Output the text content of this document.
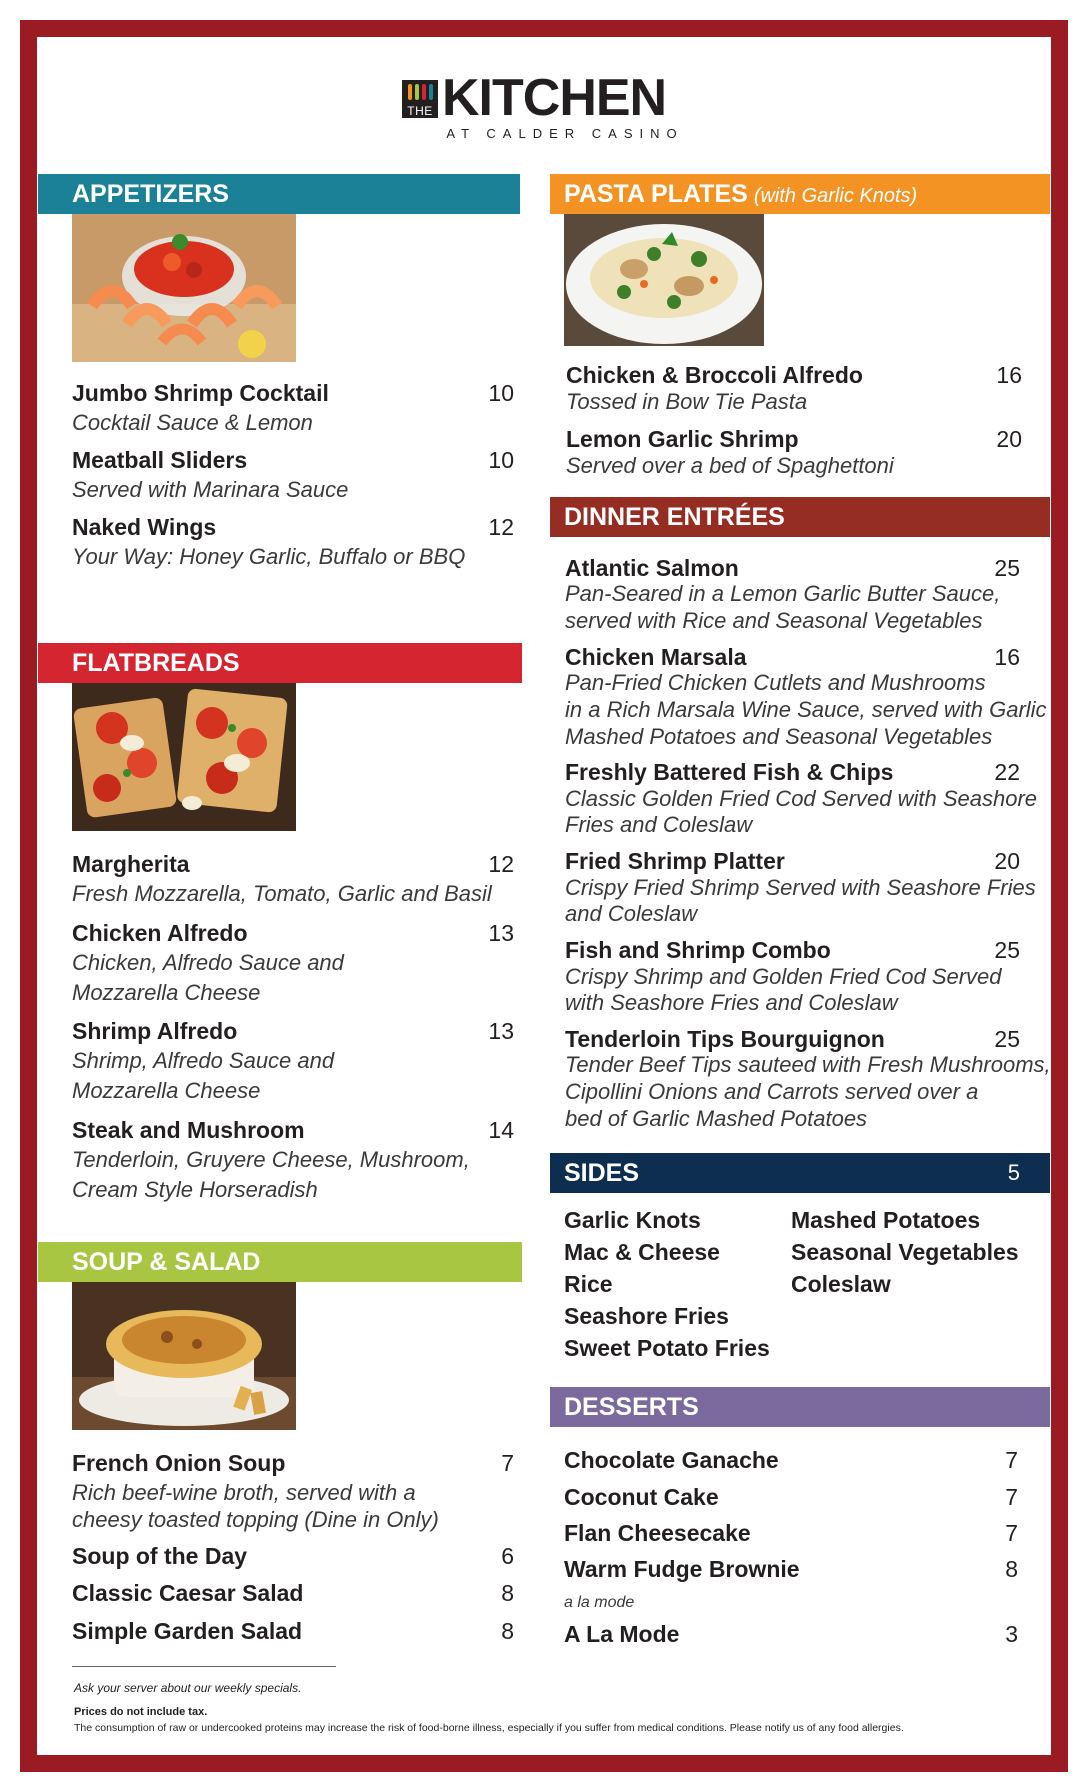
THE KITCHEN
AT CALDER CASINO
APPETIZERS
Jumbo Shrimp Cocktail
Cocktail Sauce & Lemon
10
Meatball Sliders
Served with Marinara Sauce
10
Naked Wings
Your Way: Honey Garlic, Buffalo or BBQ
12
FLATBREADS
Margherita
Fresh Mozzarella, Tomato, Garlic and Basil
12
Chicken Alfredo
Chicken, Alfredo Sauce and
Mozzarella Cheese
13
Shrimp Alfredo
Shrimp, Alfredo Sauce and
Mozzarella Cheese
13
Steak and Mushroom
Tenderloin, Gruyere Cheese, Mushroom,
Cream Style Horseradish
14
SOUP & SALAD
French Onion Soup
Rich beef-wine broth, served with a
cheesy toasted topping (Dine in Only)
7
Soup of the Day	6
Classic Caesar Salad	8
Simple Garden Salad	8
PASTA PLATES (with Garlic Knots)
Chicken & Broccoli Alfredo
Tossed in Bow Tie Pasta
16
Lemon Garlic Shrimp
Served over a bed of Spaghettoni
20
DINNER ENTRÉES
Atlantic Salmon
Pan-Seared in a Lemon Garlic Butter Sauce,
served with Rice and Seasonal Vegetables
25
Chicken Marsala
Pan-Fried Chicken Cutlets and Mushrooms
in a Rich Marsala Wine Sauce, served with Garlic
Mashed Potatoes and Seasonal Vegetables
16
Freshly Battered Fish & Chips
Classic Golden Fried Cod Served with Seashore
Fries and Coleslaw
22
Fried Shrimp Platter
Crispy Fried Shrimp Served with Seashore Fries
and Coleslaw
20
Fish and Shrimp Combo
Crispy Shrimp and Golden Fried Cod Served
with Seashore Fries and Coleslaw
25
Tenderloin Tips Bourguignon
Tender Beef Tips sauteed with Fresh Mushrooms,
Cipollini Onions and Carrots served over a
bed of Garlic Mashed Potatoes
25
SIDES	5
Garlic Knots
Mac & Cheese
Rice
Seashore Fries
Sweet Potato Fries
Mashed Potatoes
Seasonal Vegetables
Coleslaw
DESSERTS
Chocolate Ganache	7
Coconut Cake	7
Flan Cheesecake	7
Warm Fudge Brownie	8
a la mode
A La Mode	3
Ask your server about our weekly specials.
Prices do not include tax.
The consumption of raw or undercooked proteins may increase the risk of food-borne illness, especially if you suffer from medical conditions. Please notify us of any food allergies.
